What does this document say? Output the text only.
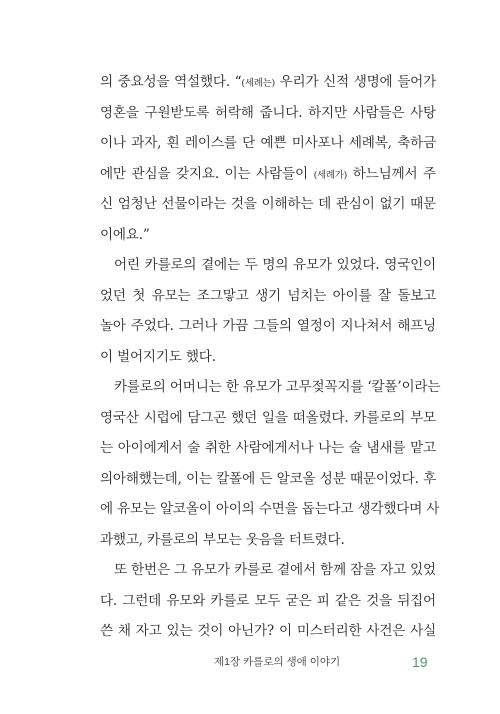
의 중요성을 역설했다. “(세례는) 우리가 신적 생명에 들어가
영혼을 구원받도록 허락해 줍니다. 하지만 사람들은 사탕
이나 과자, 흰 레이스를 단 예쁜 미사포나 세례복, 축하금
에만 관심을 갖지요. 이는 사람들이 (세례가) 하느님께서 주
신 엄청난 선물이라는 것을 이해하는 데 관심이 없기 때문
이에요.”
어린 카를로의 곁에는 두 명의 유모가 있었다. 영국인이
었던 첫 유모는 조그맣고 생기 넘치는 아이를 잘 돌보고
놀아 주었다. 그러나 가끔 그들의 열정이 지나쳐서 해프닝
이 벌어지기도 했다.
카를로의 어머니는 한 유모가 고무젖꼭지를 ‘칼폴’이라는
영국산 시럽에 담그곤 했던 일을 떠올렸다. 카를로의 부모
는 아이에게서 술 취한 사람에게서나 나는 술 냄새를 맡고
의아해했는데, 이는 칼폴에 든 알코올 성분 때문이었다. 후
에 유모는 알코올이 아이의 수면을 돕는다고 생각했다며 사
과했고, 카를로의 부모는 웃음을 터트렸다.
또 한번은 그 유모가 카를로 곁에서 함께 잠을 자고 있었
다. 그런데 유모와 카를로 모두 굳은 피 같은 것을 뒤집어
쓴 채 자고 있는 것이 아닌가? 이 미스터리한 사건은 사실
제1장 카를로의 생애 이야기	19
